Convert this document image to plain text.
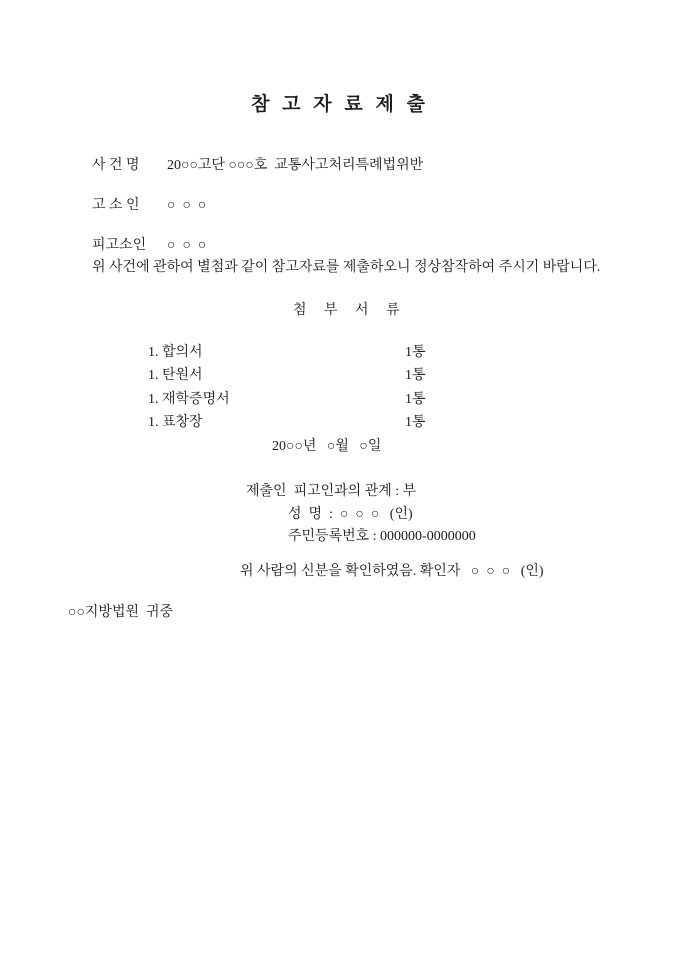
참 고 자 료 제 출

사 건 명 20○○고단 ○○○호  교통사고처리특례법위반

고 소 인 ○  ○  ○

피고소인 ○  ○  ○

위 사건에 관하여 별첨과 같이 참고자료를 제출하오니 정상참작하여 주시기 바랍니다.
첨 부 서 류
1. 합의서	1통
1. 탄원서	1통
1. 재학증명서	1통
1. 표창장	1통
20○○년   ○월   ○일
제출인  피고인과의 관계 : 부
성  명  :  ○  ○  ○   (인)
주민등록번호 : 000000-0000000
위 사람의 신분을 확인하였음. 확인자   ○  ○  ○   (인)
○○지방법원  귀중
